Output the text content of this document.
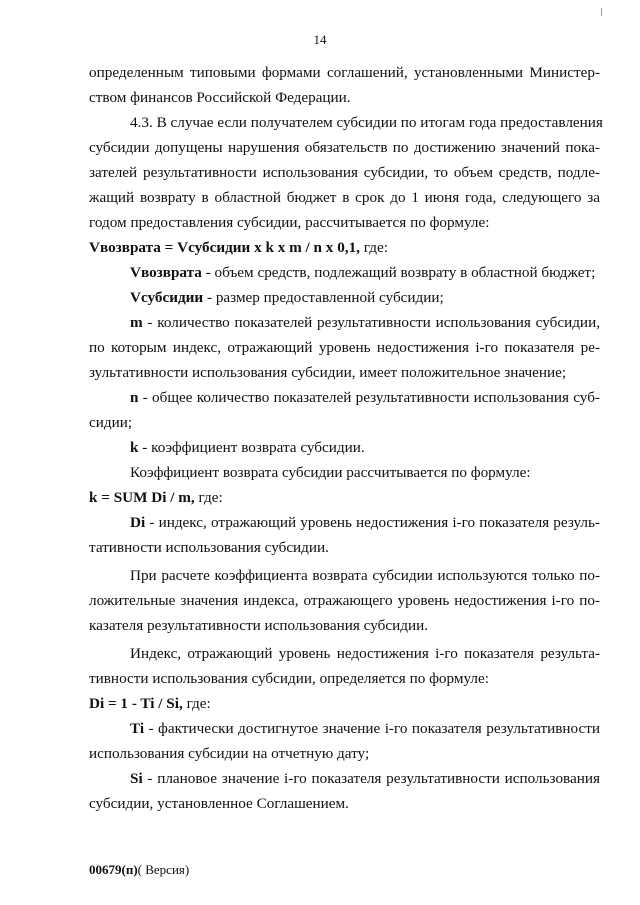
14

определенным типовыми формами соглашений, установленными Министер-
ством финансов Российской Федерации.

4.3. В случае если получателем субсидии по итогам года предоставления
субсидии допущены нарушения обязательств по достижению значений пока-
зателей результативности использования субсидии, то объем средств, подле-
жащий возврату в областной бюджет в срок до 1 июня года, следующего за
годом предоставления субсидии, рассчитывается по формуле:

Vвозврата = Vсубсидии х k х m / n х 0,1, где:

Vвозврата - объем средств, подлежащий возврату в областной бюджет;

Vсубсидии - размер предоставленной субсидии;

m - количество показателей результативности использования субсидии,
по которым индекс, отражающий уровень недостижения i-го показателя ре-
зультативности использования субсидии, имеет положительное значение;

n - общее количество показателей результативности использования суб-
сидии;

k - коэффициент возврата субсидии.

Коэффициент возврата субсидии рассчитывается по формуле:

k = SUM Di / m, где:

Di - индекс, отражающий уровень недостижения i-го показателя резуль-
тативности использования субсидии.

При расчете коэффициента возврата субсидии используются только по-
ложительные значения индекса, отражающего уровень недостижения i-го по-
казателя результативности использования субсидии.

Индекс, отражающий уровень недостижения i-го показателя результа-
тивности использования субсидии, определяется по формуле:

Di = 1 - Ti / Si, где:

Ti - фактически достигнутое значение i-го показателя результативности
использования субсидии на отчетную дату;

Si - плановое значение i-го показателя результативности использования
субсидии, установленное Соглашением.

00679(п)( Версия)
